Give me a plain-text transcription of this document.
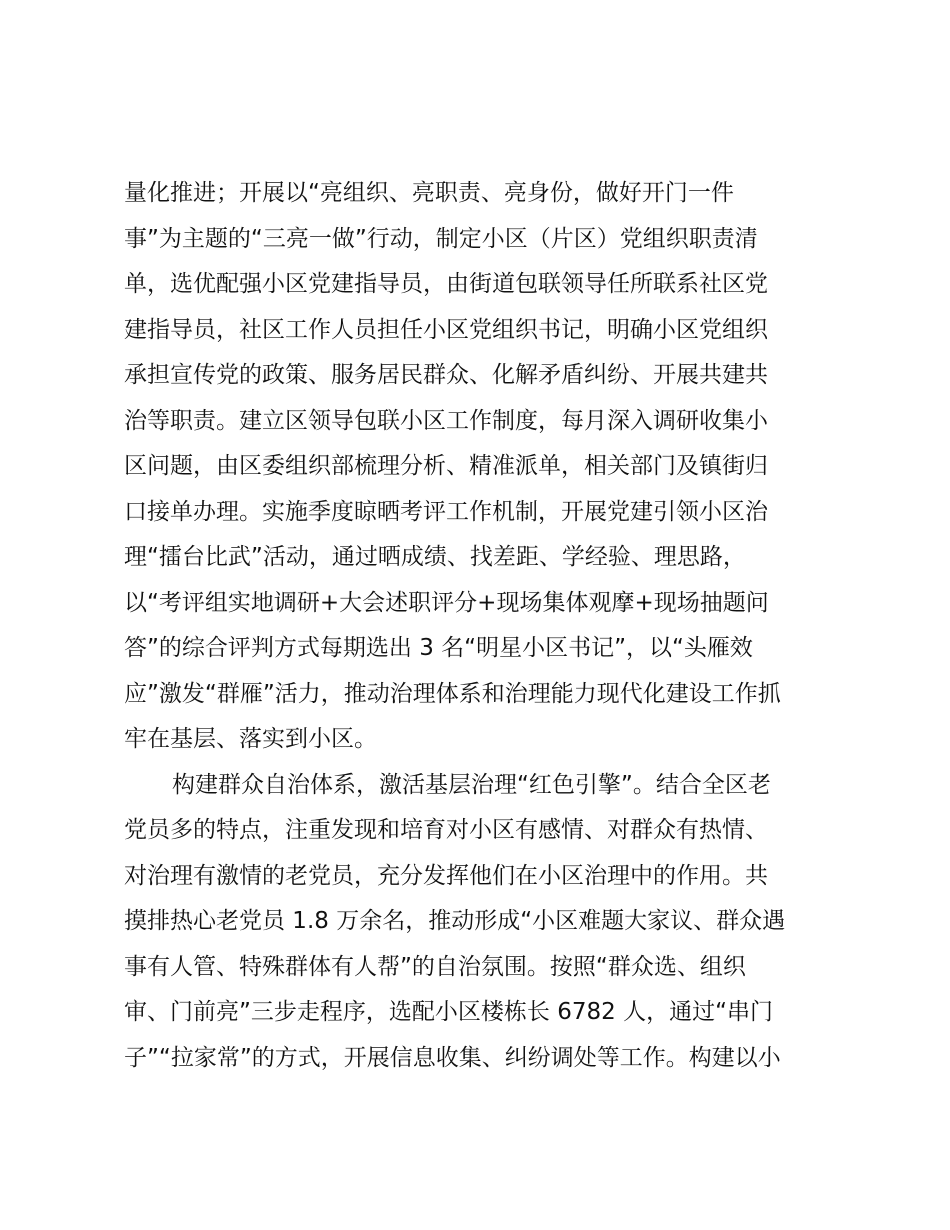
量化推进；开展以“亮组织、亮职责、亮身份，做好开门一件
事”为主题的“三亮一做”行动，制定小区（片区）党组织职责清
单，选优配强小区党建指导员，由街道包联领导任所联系社区党
建指导员，社区工作人员担任小区党组织书记，明确小区党组织
承担宣传党的政策、服务居民群众、化解矛盾纠纷、开展共建共
治等职责。建立区领导包联小区工作制度，每月深入调研收集小
区问题，由区委组织部梳理分析、精准派单，相关部门及镇街归
口接单办理。实施季度晾晒考评工作机制，开展党建引领小区治
理“擂台比武”活动，通过晒成绩、找差距、学经验、理思路，
以“考评组实地调研+大会述职评分+现场集体观摩+现场抽题问
答”的综合评判方式每期选出 3 名“明星小区书记”，以“头雁效
应”激发“群雁”活力，推动治理体系和治理能力现代化建设工作抓
牢在基层、落实到小区。
构建群众自治体系，激活基层治理“红色引擎”。结合全区老
党员多的特点，注重发现和培育对小区有感情、对群众有热情、
对治理有激情的老党员，充分发挥他们在小区治理中的作用。共
摸排热心老党员 1.8 万余名，推动形成“小区难题大家议、群众遇
事有人管、特殊群体有人帮”的自治氛围。按照“群众选、组织
审、门前亮”三步走程序，选配小区楼栋长 6782 人，通过“串门
子”“拉家常”的方式，开展信息收集、纠纷调处等工作。构建以小
